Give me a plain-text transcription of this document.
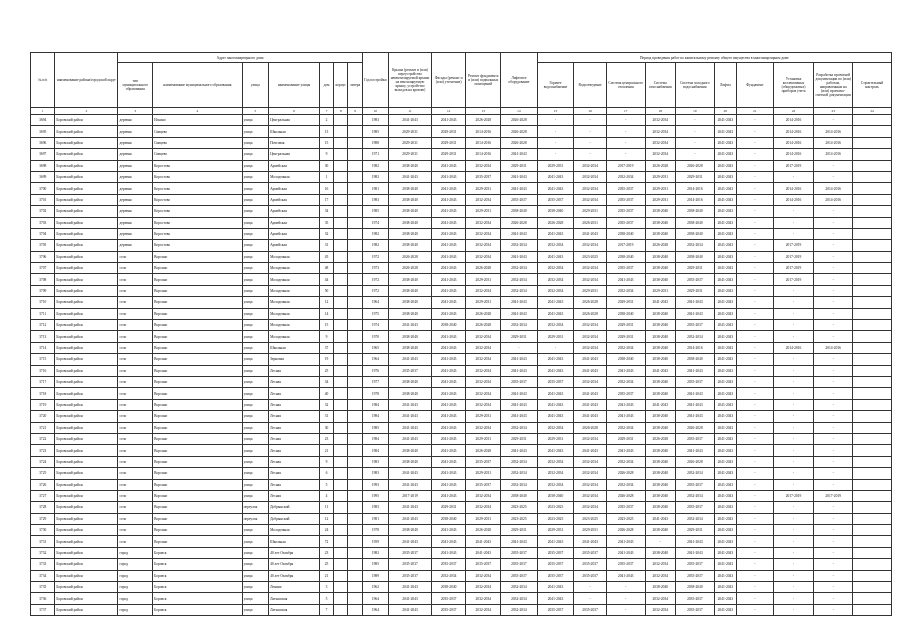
№ п/п	наименование района/городской округ	Адрес многоквартирного дома							Год постройки	Крыша (ремонт и (или) переустройство невентилируемой крыши на вентилируемую крышу, устройство выходов на кровлю)	Фасады (ремонт и (или) утепление)	Ремонт фундамента и (или) подвальных помещений	Лифтовое оборудование	Период проведения работ по капитальному ремонту общего имущества в многоквартирном доме									
		тип муниципального образования	наименование муниципального образования	улица	наименование улицы	дом	корпус	литера						Горячее водоснабжение	Водоотведение	Система центрального отопления	Система газоснабжения	Система холодного водоснабжения	Лифты	Фундамент	Установка коллективных (общедомовых) приборов учета	Разработка проектной документации по (или) работам, направленным на (или) проектно-сметной документации	Строительный контроль
1	2	3	4	5	6	7	8	9	10	11	12	13	14	15	16	17	18	19	20	21	22	23	24
3694	Боровский район	деревня	Ильино	улица	Центральная	2			1983	2041-2043	2041-2043	2026-2028	2026-2028	-	-	-	2032-2034	-	2041-2043	-	2014-2016	-	
3695	Боровский район	деревня	Сивцево	улица	Школьная	13			1985	2029-2031	2029-2031	2014-2016	2026-2028	-	-	-	2032-2034	-	2041-2043	-	2014-2016	2014-2016	
3696	Боровский район	деревня	Сивцево	улица	Почтовая	15			1988	2029-2031	2029-2031	2014-2016	2026-2028	-	-	-	2032-2034	-	2041-2043	-	2014-2016	2014-2016	
3697	Боровский район	деревня	Сивцево	улица	Центральная	9			1971	2029-2031	2029-2031	2014-2016	2041-2043	-	-	-	2032-2034	-	2041-2043	-	2014-2016	2014-2016	
3698	Боровский район	деревня	Коростово	улица	Армейская	30			1982	2038-2040	2041-2043	2032-2034	2029-2031	2029-2031	2032-2034	2017-2019	2026-2028	2026-2028	2041-2043	-	2017-2019	-	
3699	Боровский район	деревня	Коростово	улица	Молодежная	1			1982	2041-2043	2041-2043	2035-2037	2041-2043	2041-2043	2032-2034	2032-2034	2029-2031	2029-2031	2041-2043	-	-	-	
3700	Боровский район	деревня	Коростово	улица	Армейская	16			1981	2038-2040	2041-2043	2029-2031	2041-2043	2041-2043	2032-2034	2035-2037	2029-2031	2014-2016	2041-2043	-	2014-2016	2014-2016	
3701	Боровский район	деревня	Коростово	улица	Армейская	17			1983	2038-2040	2041-2043	2032-2034	2035-2037	2035-2037	2032-2034	2035-2037	2029-2031	2014-2016	2041-2043	-	2014-2016	2014-2016	
3702	Боровский район	деревня	Коростово	улица	Армейская	34			1985	2038-2040	2041-2043	2029-2031	2038-2040	2038-2040	2029-2031	2035-2037	2038-2040	2038-2040	2041-2043	-	-	-	
3703	Боровский район	деревня	Коростово	улица	Армейская	35			1974	2038-2040	2041-2043	2032-2034	2026-2028	2026-2028	2026-2031	2035-2037	2038-2040	2038-2040	2041-2043	-	-	-	
3704	Боровский район	деревня	Коростово	улица	Армейская	32			1982	2038-2040	2041-2043	2032-2034	2041-2043	2041-2043	2041-2043	2038-2040	2038-2040	2038-2040	2041-2043	-	-	-	
3705	Боровский район	деревня	Коростово	улица	Армейская	31			1982	2038-2040	2041-2043	2032-2034	2032-2034	2032-2034	2032-2034	2017-2019	2026-2028	2032-2034	2041-2043	-	2017-2019	-	
3706	Боровский район	село	Ворсино	улица	Молодежная	45			1972	2026-2028	2041-2043	2032-2034	2041-2043	2041-2043	2023-2025	2038-2040	2038-2040	2038-2040	2041-2043	-	2017-2019	-	
3707	Боровский район	село	Ворсино	улица	Молодежная	48			1973	2026-2028	2041-2043	2026-2028	2032-2034	2032-2034	2032-2034	2035-2037	2038-2040	2029-2031	2041-2043	-	2017-2019	-	
3708	Боровский район	село	Ворсино	улица	Молодежная	44			1972	2038-2040	2041-2043	2029-2031	2032-2034	2032-2034	2032-2034	2041-2043	2038-2040	2035-2037	2041-2043	-	2017-2019	-	
3709	Боровский район	село	Ворсино	улица	Молодежная	50			1972	2038-2040	2041-2043	2032-2034	2032-2034	2032-2034	2029-2031	2032-2034	2029-2031	2029-2031	2041-2043	-	-	-	
3710	Боровский район	село	Ворсино	улица	Молодежная	12			1964	2038-2040	2041-2043	2029-2031	2041-2043	2041-2043	2026-2028	2029-2031	2041-2043	2041-2043	2041-2043	-	-	-	
3711	Боровский район	село	Ворсино	улица	Молодежная	14			1975	2038-2040	2041-2043	2026-2028	2041-2043	2041-2043	2026-2028	2038-2040	2038-2040	2041-2043	2041-2043	-	-	-	
3712	Боровский район	село	Ворсино	улица	Молодежная	15			1974	2041-2043	2038-2040	2026-2028	2032-2034	2032-2034	2032-2034	2029-2031	2038-2040	2035-2037	2041-2043	-	-	-	
3713	Боровский район	село	Ворсино	улица	Молодежная	9			1970	2038-2040	2041-2043	2032-2034	2029-2031	2029-2031	2032-2034	2029-2031	2038-2040	2032-2034	2041-2043	-	-	-	
3714	Боровский район	село	Ворсино	улица	Школьная	37			1965	2038-2040	2041-2043	2032-2034	-	-	2032-2034	2032-2034	2038-2040	2014-2016	2041-2043	-	2014-2016	2014-2016	
3715	Боровский район	село	Ворсино	улица	Зерновая	19			1964	2041-2043	2041-2043	2032-2034	2041-2043	2041-2043	2041-2043	2038-2040	2038-2040	2038-2040	2041-2043	-	-	-	
3716	Боровский район	село	Ворсино	улица	Лесная	25			1976	2035-2037	2041-2043	2032-2034	2041-2043	2041-2043	2041-2043	2041-2043	2041-2043	2041-2043	2041-2043	-	-	-	
3717	Боровский район	село	Ворсино	улица	Лесная	34			1977	2038-2040	2041-2043	2032-2034	2035-2037	2035-2037	2032-2034	2032-2034	2038-2040	2035-2037	2041-2043	-	-	-	
3718	Боровский район	село	Ворсино	улица	Лесная	40			1978	2038-2040	2041-2043	2032-2034	2041-2043	2041-2043	2041-2043	2035-2037	2038-2040	2041-2043	2041-2043	-	-	-	
3719	Боровский район	село	Ворсино	улица	Лесная	32			1984	2041-2043	2041-2043	2032-2034	2041-2043	2041-2043	2041-2043	2041-2043	2041-2043	2041-2043	2041-2043	-	-	-	
3720	Боровский район	село	Ворсино	улица	Лесная	31			1984	2041-2043	2041-2043	2029-2031	2041-2043	2041-2043	2041-2043	2041-2043	2038-2040	2041-2043	2041-2043	-	-	-	
3721	Боровский район	село	Ворсино	улица	Лесная	30			1985	2041-2043	2041-2043	2032-2034	2032-2034	2032-2034	2026-2028	2032-2034	2038-2040	2026-2028	2041-2043	-	-	-	
3722	Боровский район	село	Ворсино	улица	Лесная	23			1984	2041-2043	2041-2043	2029-2031	2029-2031	2029-2031	2032-2034	2029-2031	2026-2028	2035-2037	2041-2043	-	-	-	
3723	Боровский район	село	Ворсино	улица	Лесная	21			1984	2038-2040	2041-2043	2026-2028	2041-2043	2041-2043	2041-2043	2041-2043	2038-2040	2041-2043	2041-2043	-	-	-	
3724	Боровский район	село	Ворсино	улица	Лесная	9			1983	2038-2040	2041-2043	2035-2037	2032-2034	2032-2034	2032-2034	2032-2034	2038-2040	2026-2028	2041-2043	-	-	-	
3725	Боровский район	село	Ворсино	улица	Лесная	6			1983	2041-2043	2041-2043	2029-2031	2032-2034	2032-2034	2032-2034	2026-2028	2038-2040	2032-2034	2041-2043	-	-	-	
3726	Боровский район	село	Ворсино	улица	Лесная	5			1993	2041-2043	2041-2043	2035-2037	2032-2034	2032-2034	2032-2034	2032-2034	2038-2040	2035-2037	2041-2043	-	-	-	
3727	Боровский район	село	Ворсино	улица	Лесная	4			1995	2017-2019	2041-2043	2032-2034	2038-2040	2038-2040	2032-2034	2026-2028	2038-2040	2032-2034	2041-2043	-	2017-2019	2017-2019	
3728	Боровский район	село	Ворсино	переулок	Добрынский	11			1983	2041-2043	2029-2031	2032-2034	2023-2025	2023-2025	2032-2034	2035-2037	2038-2040	2035-2037	2041-2043	-	-	-	
3729	Боровский район	село	Ворсино	переулок	Добрынский	12			1981	2041-2043	2038-2040	2029-2031	2023-2025	2023-2025	2023-2025	2023-2025	2041-2043	2032-2034	2041-2043	-	-	-	
3730	Боровский район	село	Ворсино	улица	Молодежная	24			1978	2038-2040	2041-2043	2026-2028	2029-2031	2029-2031	2029-2031	2026-2028	2038-2040	2029-2031	2041-2043	-	-	-	
3731	Боровский район	село	Ворсино	улица	Школьная	72			1959	2041-2043	2041-2043	2041-2043	2041-2043	2041-2043	2041-2043	2041-2043	-	2041-2043	2041-2043	-	-	-	
3732	Боровский район	город	Боровск	улица	40 лет Октября	23			1982	2035-2037	2041-2043	2041-2043	2035-2037	2035-2037	2035-2037	2041-2043	2038-2040	2041-2043	2041-2043	-	-	-	
3733	Боровский район	город	Боровск	улица	40 лет Октября	25			1985	2035-2037	2035-2037	2035-2037	2035-2037	2035-2037	2035-2037	2035-2037	2032-2034	2035-2037	2041-2043	-	-	-	
3734	Боровский район	город	Боровск	улица	40 лет Октября	21			1989	2035-2037	2032-2034	2032-2034	2035-2037	2035-2037	2035-2037	2041-2043	2032-2034	2035-2037	2041-2043	-	-	-	
3735	Боровский район	город	Боровск	улица	Ленина	3			1962	2041-2043	2038-2040	2032-2034	2032-2034	2041-2043	-	-	2038-2040	2038-2040	2041-2043	-	-	-	
3736	Боровский район	город	Боровск	улица	Латышская	5			1964	2041-2043	2035-2037	2032-2034	2032-2034	2041-2043	-	-	2032-2034	2035-2037	2041-2043	-	-	-	
3737	Боровский район	город	Боровск	улица	Латышская	7			1964	2041-2043	2035-2037	2032-2034	2032-2034	2035-2037	2035-2037	-	2032-2034	2035-2037	2041-2043	-	-	-	
